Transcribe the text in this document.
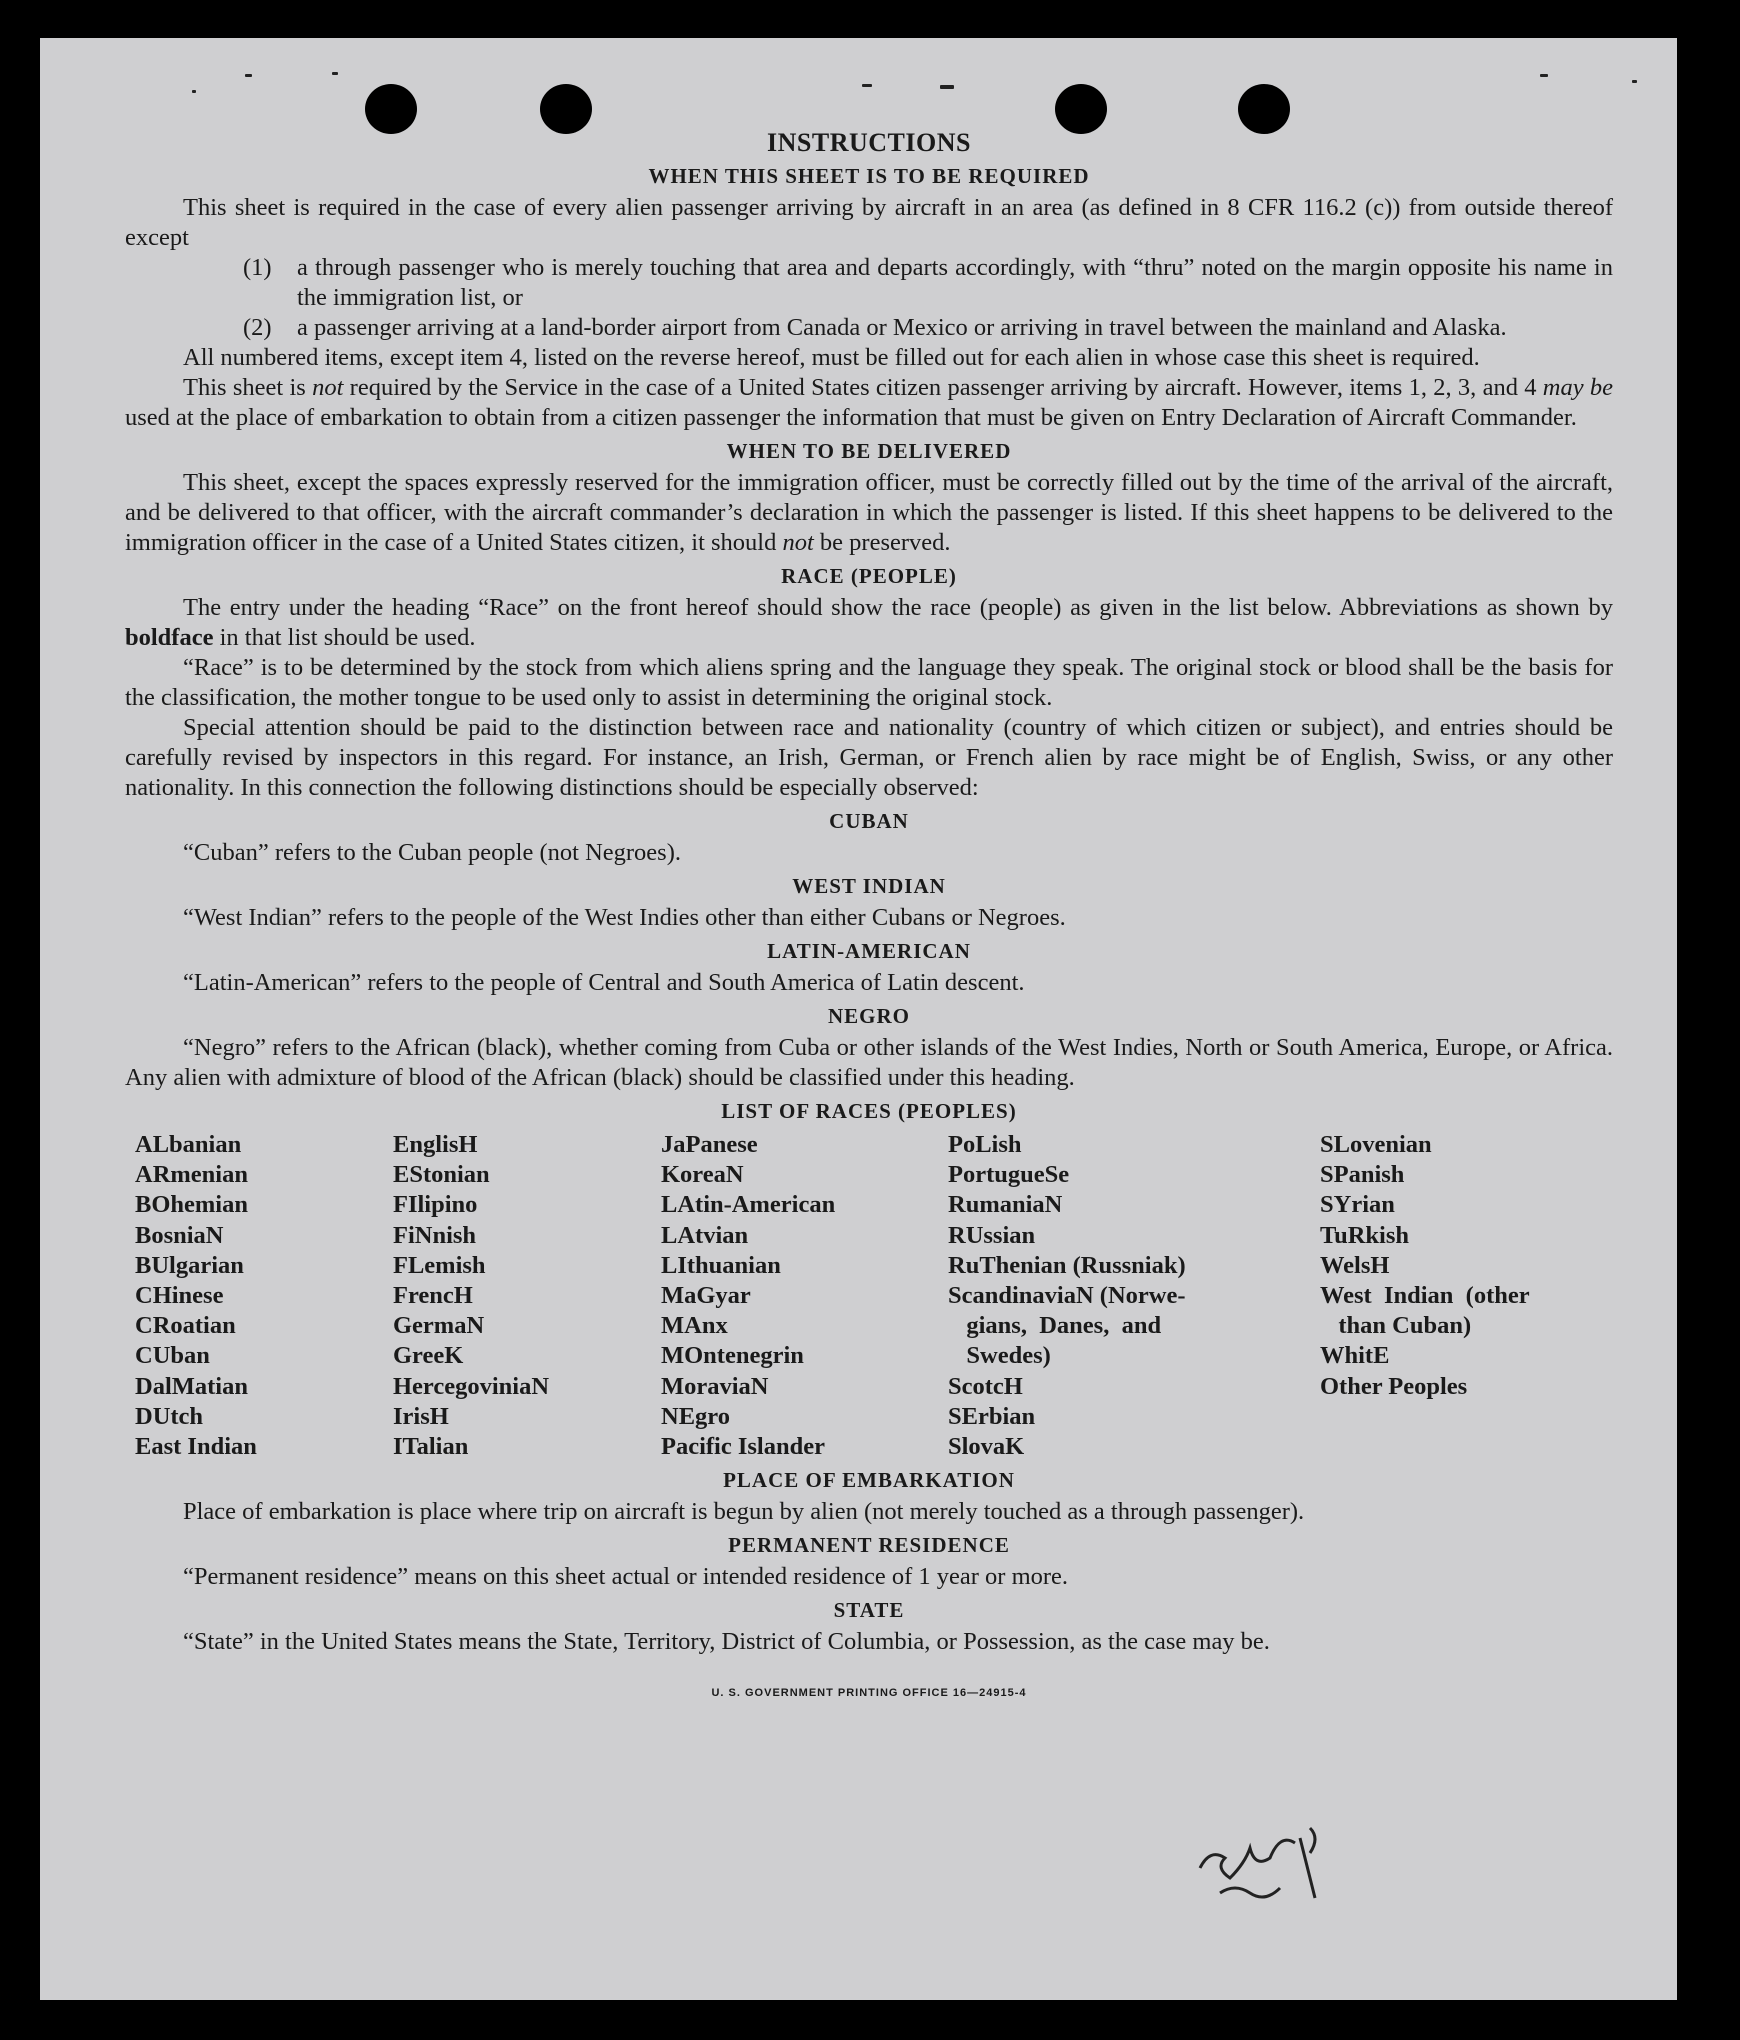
INSTRUCTIONS
WHEN THIS SHEET IS TO BE REQUIRED

This sheet is required in the case of every alien passenger arriving by aircraft in an area (as defined in 8 CFR 116.2 (c)) from outside thereof except

(1)	a through passenger who is merely touching that area and departs accordingly, with “thru” noted on the margin opposite his name in the immigration list, or
(2)	a passenger arriving at a land-border airport from Canada or Mexico or arriving in travel between the mainland and Alaska.

All numbered items, except item 4, listed on the reverse hereof, must be filled out for each alien in whose case this sheet is required.

This sheet is not required by the Service in the case of a United States citizen passenger arriving by aircraft. However, items 1, 2, 3, and 4 may be used at the place of embarkation to obtain from a citizen passenger the information that must be given on Entry Declaration of Aircraft Commander.

WHEN TO BE DELIVERED

This sheet, except the spaces expressly reserved for the immigration officer, must be correctly filled out by the time of the arrival of the aircraft, and be delivered to that officer, with the aircraft commander’s declaration in which the passenger is listed. If this sheet happens to be delivered to the immigration officer in the case of a United States citizen, it should not be preserved.

RACE (PEOPLE)

The entry under the heading “Race” on the front hereof should show the race (people) as given in the list below. Abbreviations as shown by boldface in that list should be used.

“Race” is to be determined by the stock from which aliens spring and the language they speak. The original stock or blood shall be the basis for the classification, the mother tongue to be used only to assist in determining the original stock.

Special attention should be paid to the distinction between race and nationality (country of which citizen or subject), and entries should be carefully revised by inspectors in this regard. For instance, an Irish, German, or French alien by race might be of English, Swiss, or any other nationality. In this connection the following distinctions should be especially observed:

CUBAN

“Cuban” refers to the Cuban people (not Negroes).

WEST INDIAN

“West Indian” refers to the people of the West Indies other than either Cubans or Negroes.

LATIN-AMERICAN

“Latin-American” refers to the people of Central and South America of Latin descent.

NEGRO

“Negro” refers to the African (black), whether coming from Cuba or other islands of the West Indies, North or South America, Europe, or Africa. Any alien with admixture of blood of the African (black) should be classified under this heading.

LIST OF RACES (PEOPLES)
ALbanian
ARmenian
BOhemian
BosniaN
BUlgarian
CHinese
CRoatian
CUban
DalMatian
DUtch
East Indian
EnglisH
EStonian
FIlipino
FiNnish
FLemish
FrencH
GermaN
GreeK
HercegoviniaN
IrisH
ITalian
JaPanese
KoreaN
LAtin-American
LAtvian
LIthuanian
MaGyar
MAnx
MOntenegrin
MoraviaN
NEgro
Pacific Islander
PoLish
PortugueSe
RumaniaN
RUssian
RuThenian (Russniak)
ScandinaviaN (Norwe-
gians,  Danes,  and
Swedes)
ScotcH
SErbian
SlovaK
SLovenian
SPanish
SYrian
TuRkish
WelsH
West  Indian  (other
than Cuban)
WhitE
Other Peoples
PLACE OF EMBARKATION

Place of embarkation is place where trip on aircraft is begun by alien (not merely touched as a through passenger).

PERMANENT RESIDENCE

“Permanent residence” means on this sheet actual or intended residence of 1 year or more.

STATE

“State” in the United States means the State, Territory, District of Columbia, or Possession, as the case may be.

U. S. GOVERNMENT PRINTING OFFICE 16—24915-4
